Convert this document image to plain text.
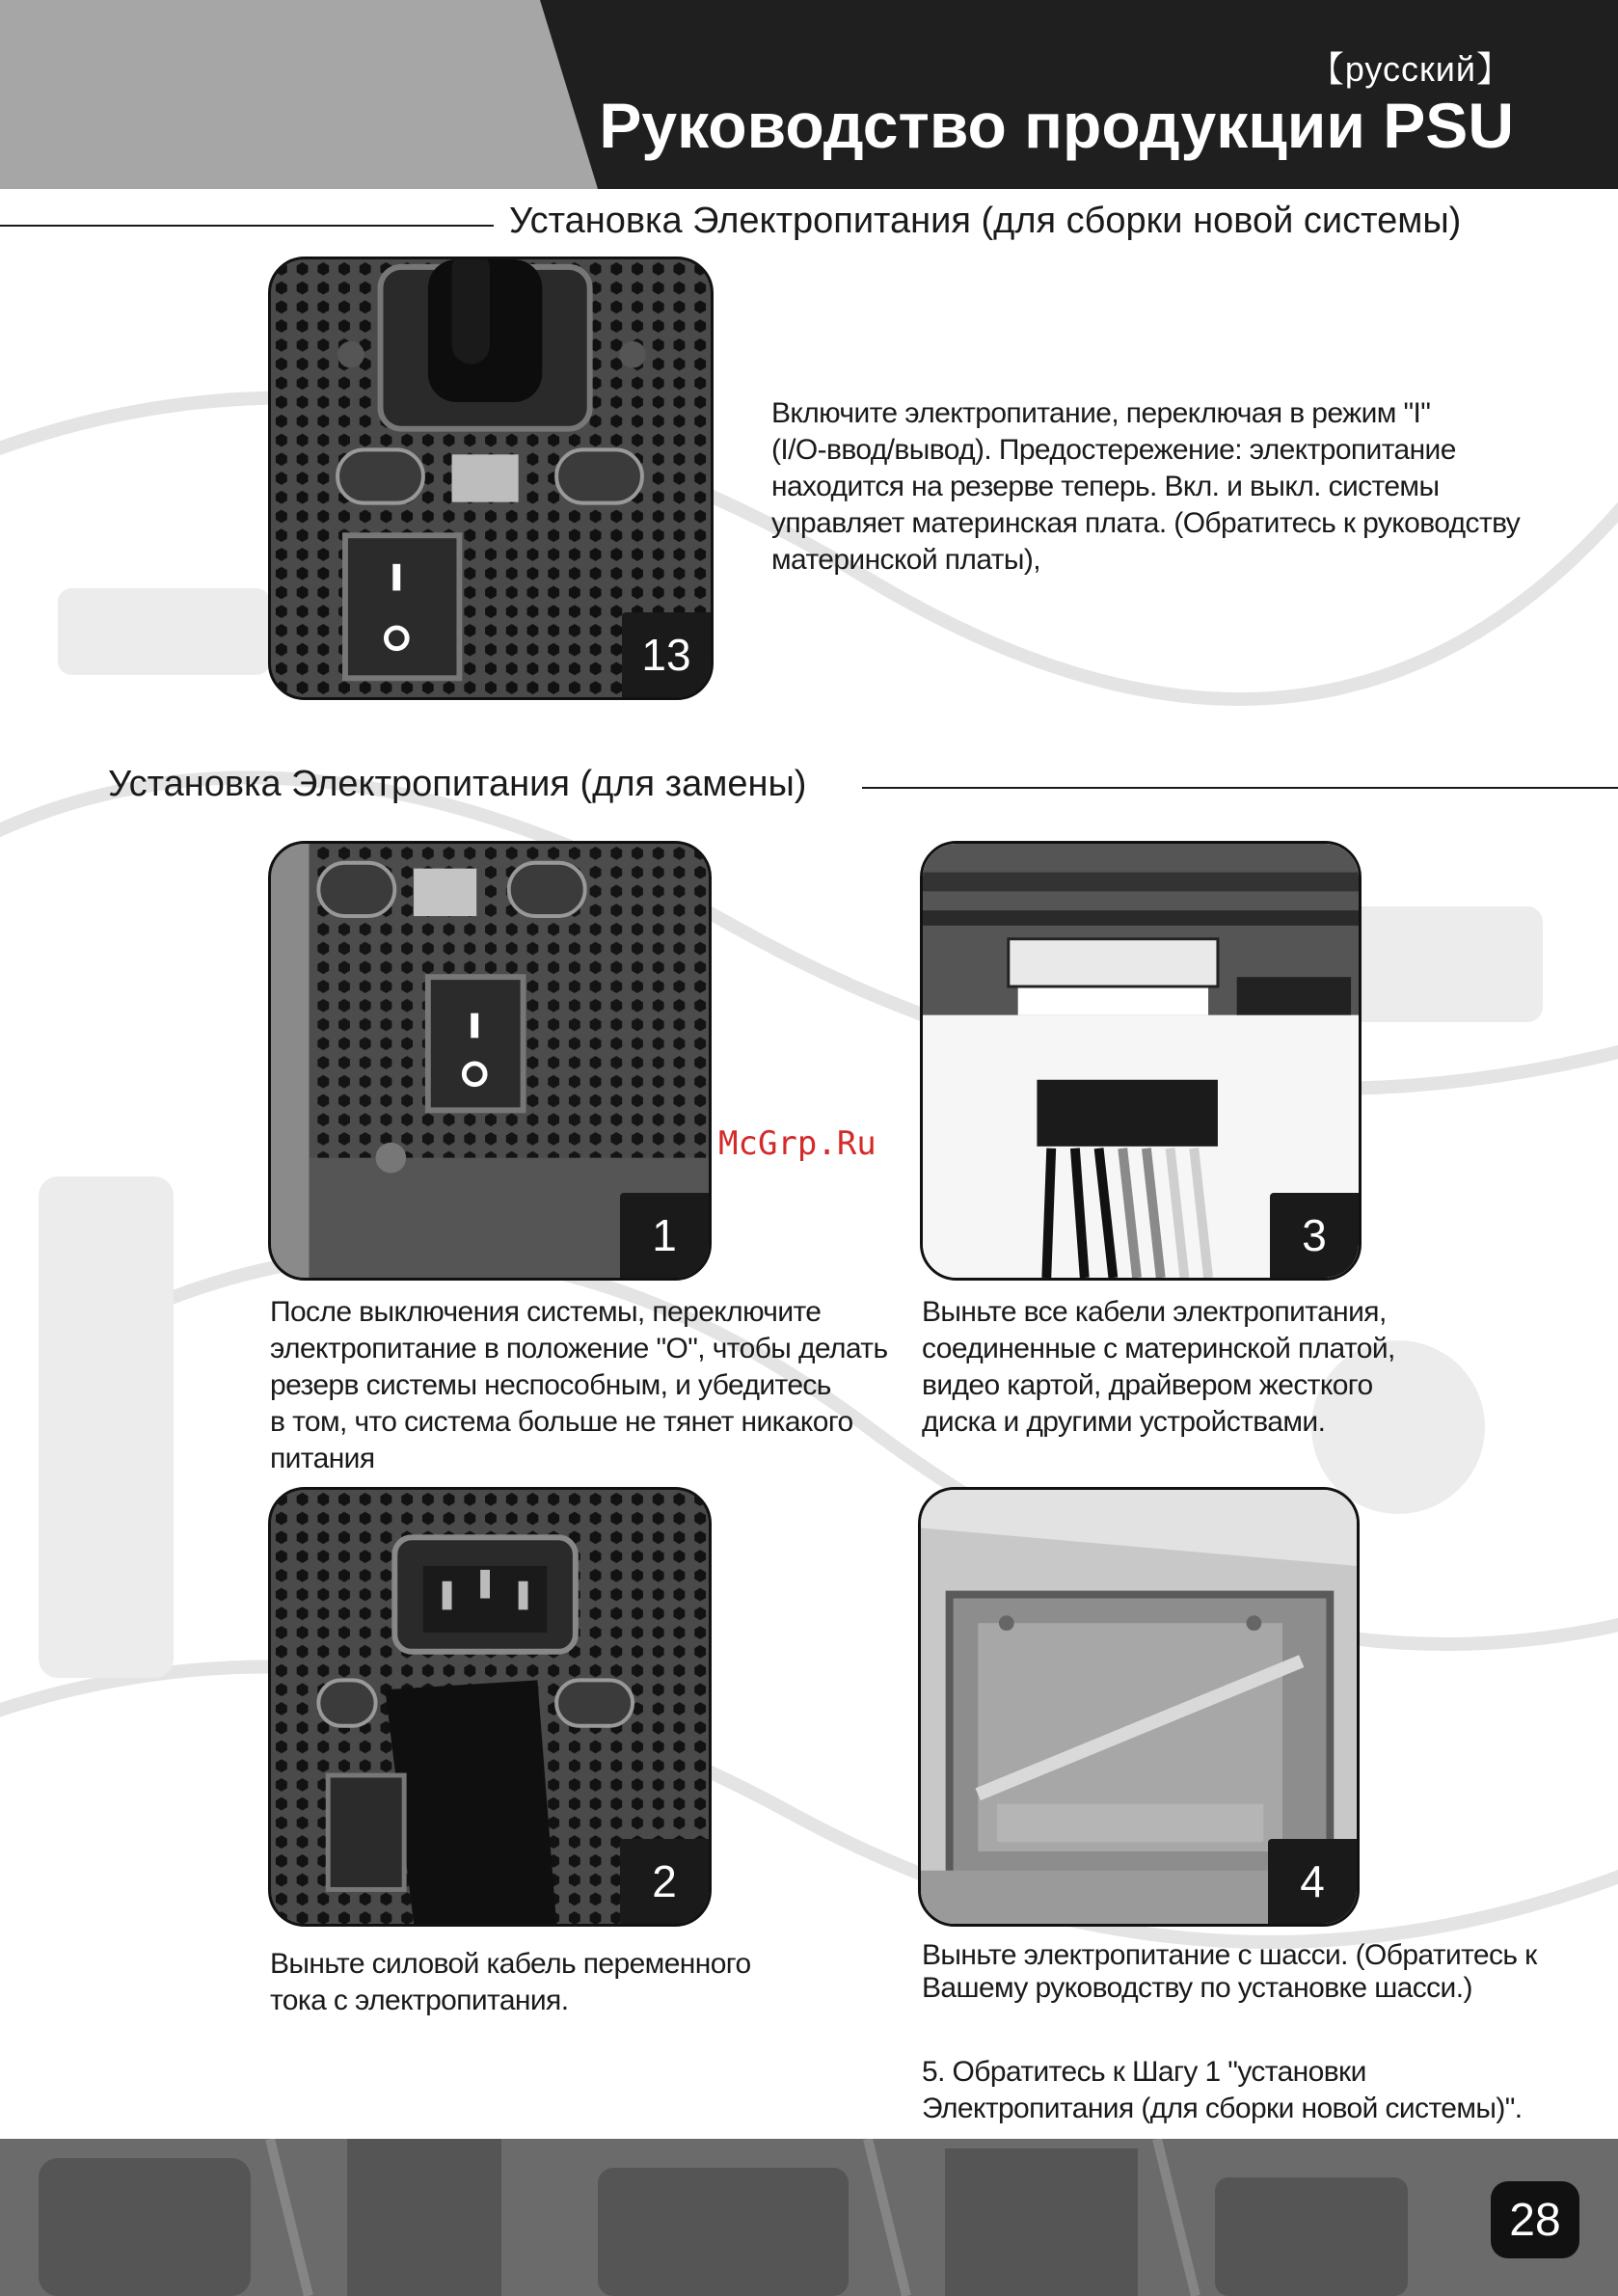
【русский】
Руководство продукции PSU
Установка Электропитания (для сборки новой системы)
13
Включите электропитание, переключая в режим "I"
(I/O-ввод/вывод). Предостережение: электропитание
находится на резерве теперь. Вкл. и выкл. системы
управляет материнская плата. (Обратитесь к руководству
материнской платы),
Установка Электропитания (для замены)
1
После выключения системы, переключите
электропитание в положение "O", чтобы делать
резерв системы неспособным, и убедитесь
в том, что система больше не тянет никакого
питания
3
Выньте все кабели электропитания,
соединенные с материнской платой,
видео картой, драйвером жесткого
диска и другими устройствами.
McGrp.Ru
2
Выньте силовой кабель переменного
тока с электропитания.
4
Выньте электропитание с шасси. (Обратитесь к
Вашему руководству по установке шасси.)
5. Обратитесь к Шагу 1 "установки
Электропитания (для сборки новой системы)".
28
